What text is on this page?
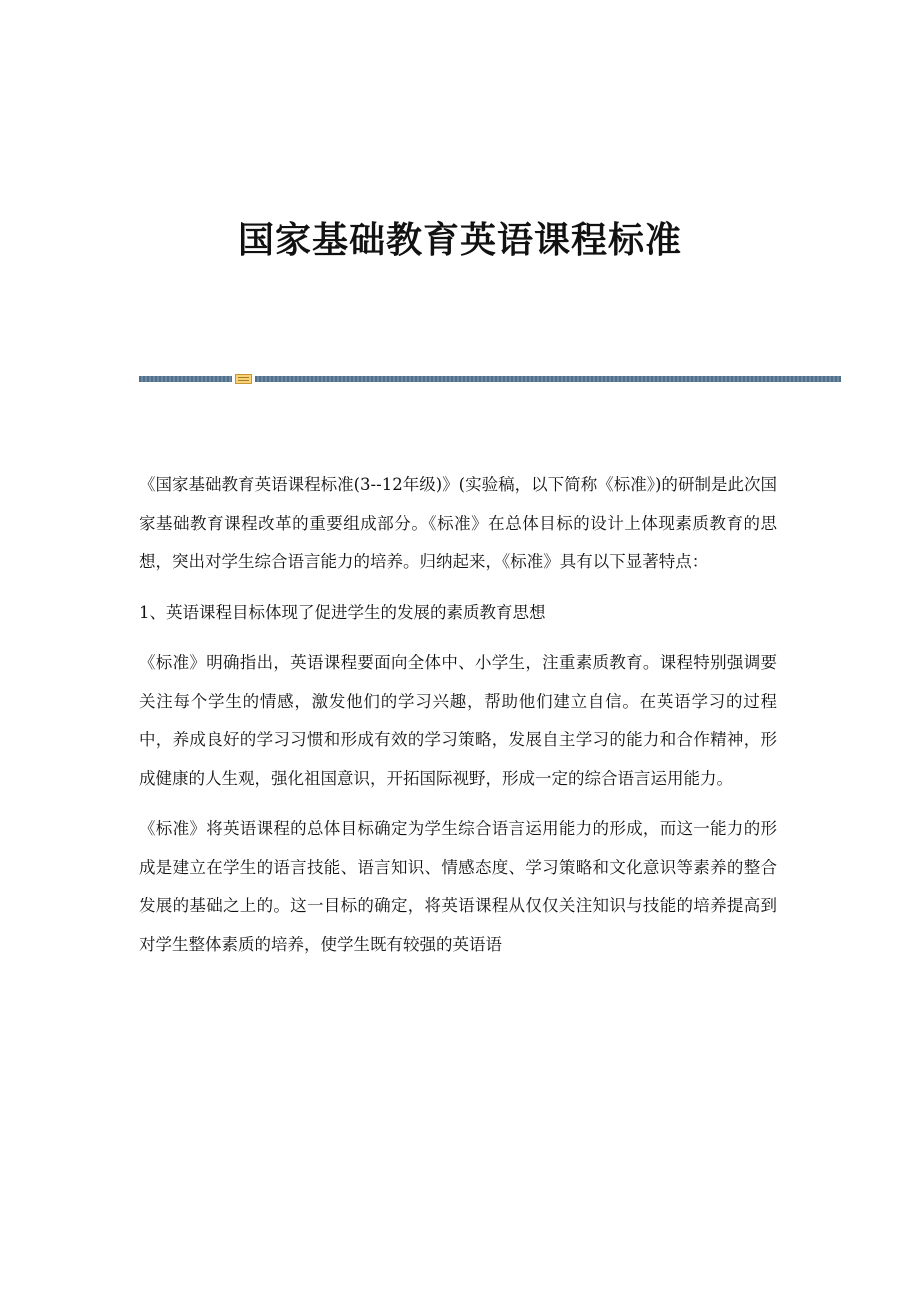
国家基础教育英语课程标准

《国家基础教育英语课程标准(3--12年级)》(实验稿，以下简称《标准》)的研制是此次国家基础教育课程改革的重要组成部分。《标准》在总体目标的设计上体现素质教育的思想，突出对学生综合语言能力的培养。归纳起来，《标准》具有以下显著特点：

1、英语课程目标体现了促进学生的发展的素质教育思想

《标准》明确指出，英语课程要面向全体中、小学生，注重素质教育。课程特别强调要关注每个学生的情感，激发他们的学习兴趣，帮助他们建立自信。在英语学习的过程中，养成良好的学习习惯和形成有效的学习策略，发展自主学习的能力和合作精神，形成健康的人生观，强化祖国意识，开拓国际视野，形成一定的综合语言运用能力。

《标准》将英语课程的总体目标确定为学生综合语言运用能力的形成，而这一能力的形成是建立在学生的语言技能、语言知识、情感态度、学习策略和文化意识等素养的整合发展的基础之上的。这一目标的确定，将英语课程从仅仅关注知识与技能的培养提高到对学生整体素质的培养，使学生既有较强的英语语
